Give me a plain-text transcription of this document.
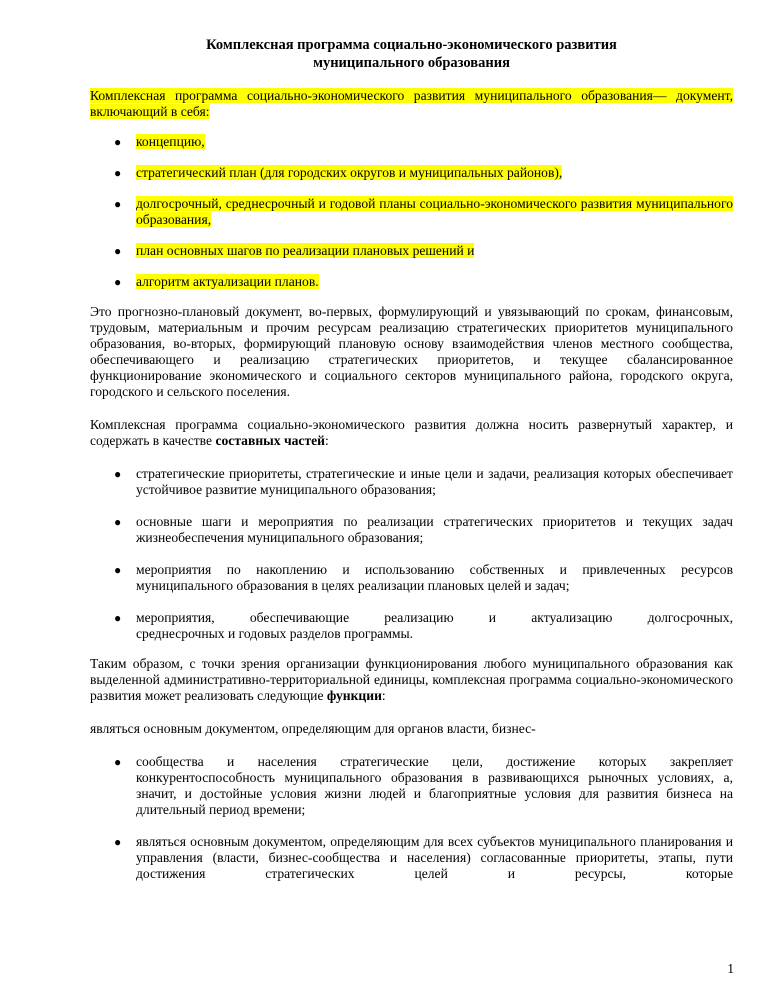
Комплексная программа социально-экономического развития
муниципального образования

Комплексная программа социально-экономического развития муниципального образования— документ, включающий в себя:

● концепцию,
● стратегический план (для городских округов и муниципальных районов),
● долгосрочный, среднесрочный и годовой планы социально-экономического развития муниципального образования,
● план основных шагов по реализации плановых решений и
● алгоритм актуализации планов.

Это прогнозно-плановый документ, во-первых, формулирующий и увязывающий по срокам, финансовым, трудовым, материальным и прочим ресурсам реализацию стратегических приоритетов муниципального образования, во-вторых, формирующий плановую основу взаимодействия членов местного сообщества, обеспечивающего и реализацию стратегических приоритетов, и текущее сбалансированное функционирование экономического и социального секторов муниципального района, городского округа, городского и сельского поселения.

Комплексная программа социально-экономического развития должна носить развернутый характер, и содержать в качестве составных частей:

● стратегические приоритеты, стратегические и иные цели и задачи, реализация которых обеспечивает устойчивое развитие муниципального образования;
● основные шаги и мероприятия по реализации стратегических приоритетов и текущих задач жизнеобеспечения муниципального образования;
● мероприятия по накоплению и использованию собственных и привлеченных ресурсов муниципального образования в целях реализации плановых целей и задач;
● мероприятия, обеспечивающие реализацию и актуализацию долгосрочных,
среднесрочных и годовых разделов программы.

Таким образом, с точки зрения организации функционирования любого муниципального образования как выделенной административно-территориальной единицы, комплексная программа социально-экономического развития может реализовать следующие функции:

являться основным документом, определяющим для органов власти, бизнес-

● сообщества и населения стратегические цели, достижение которых закрепляет конкурентоспособность муниципального образования в развивающихся рыночных условиях, а, значит, и достойные условия жизни людей и благоприятные условия для развития бизнеса на длительный период времени;
● являться основным документом, определяющим для всех субъектов муниципального планирования и управления (власти, бизнес-сообщества и населения) согласованные приоритеты, этапы, пути достижения стратегических целей и ресурсы, которые
1
